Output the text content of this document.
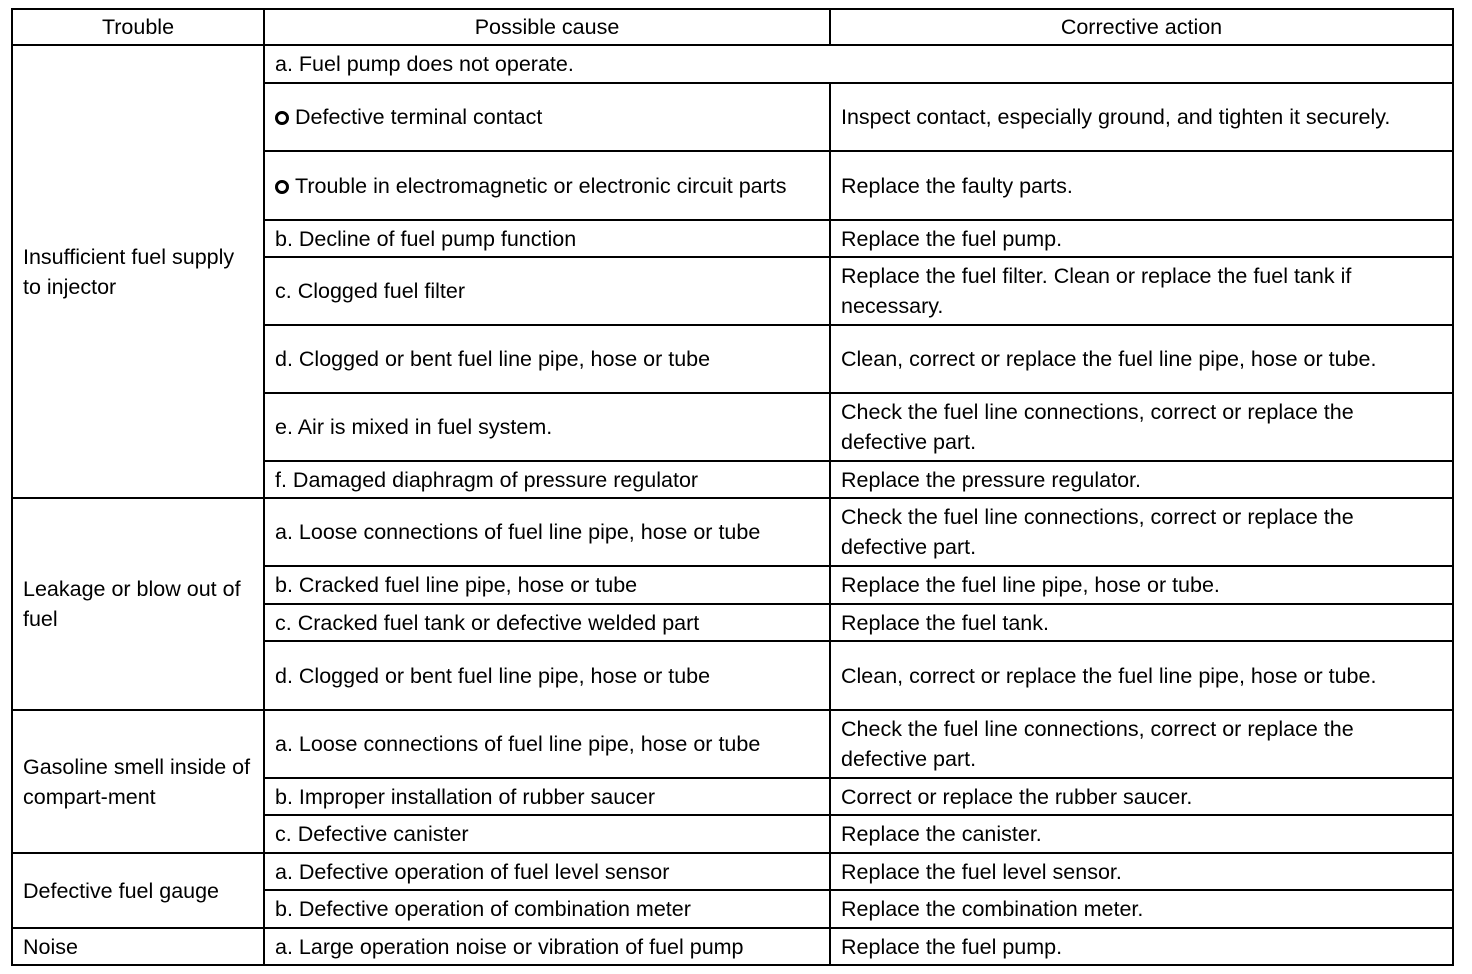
Trouble	Possible cause	Corrective action
Insufficient fuel supply to injector	a. Fuel pump does not operate.	
	Defective terminal contact	Inspect contact, especially ground, and tighten it securely.
	Trouble in electromagnetic or electronic circuit parts	Replace the faulty parts.
	b. Decline of fuel pump function	Replace the fuel pump.
	c. Clogged fuel filter	Replace the fuel filter. Clean or replace the fuel tank if necessary.
	d. Clogged or bent fuel line pipe, hose or tube	Clean, correct or replace the fuel line pipe, hose or tube.
	e. Air is mixed in fuel system.	Check the fuel line connections, correct or replace the defective part.
	f. Damaged diaphragm of pressure regulator	Replace the pressure regulator.
Leakage or blow out of fuel	a. Loose connections of fuel line pipe, hose or tube	Check the fuel line connections, correct or replace the defective part.
	b. Cracked fuel line pipe, hose or tube	Replace the fuel line pipe, hose or tube.
	c. Cracked fuel tank or defective welded part	Replace the fuel tank.
	d. Clogged or bent fuel line pipe, hose or tube	Clean, correct or replace the fuel line pipe, hose or tube.
Gasoline smell inside of compart-ment	a. Loose connections of fuel line pipe, hose or tube	Check the fuel line connections, correct or replace the defective part.
	b. Improper installation of rubber saucer	Correct or replace the rubber saucer.
	c. Defective canister	Replace the canister.
Defective fuel gauge	a. Defective operation of fuel level sensor	Replace the fuel level sensor.
	b. Defective operation of combination meter	Replace the combination meter.
Noise	a. Large operation noise or vibration of fuel pump	Replace the fuel pump.
